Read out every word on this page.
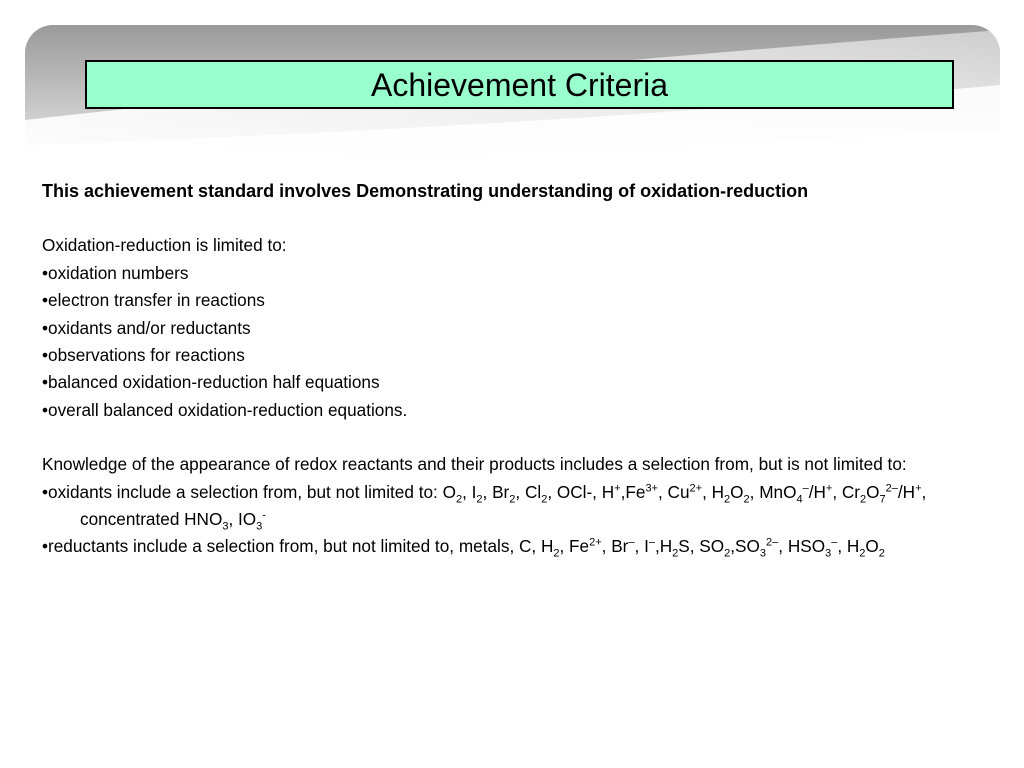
Achievement Criteria

This achievement standard involves Demonstrating understanding of oxidation-reduction

Oxidation-reduction is limited to:

•oxidation numbers

•electron transfer in reactions

•oxidants and/or reductants

•observations for reactions

•balanced oxidation-reduction half equations

•overall balanced oxidation-reduction equations.

Knowledge of the appearance of redox reactants and their products includes a selection from, but is not limited to:

•oxidants include a selection from, but not limited to: $O_2$, $I_2$, $Br_2$, $Cl_2$, OCl-, $H^+,Fe^{3+}$, $Cu^{2+}$, $H_2O_2$, MnO$_4$–/H+, $Cr_2O_7^{2-}/H^+$, concentrated $HNO_3$, $IO_3^-$

•reductants include a selection from, but not limited to, metals, C, $H_2$, $Fe^{2+}$, Br–, $I^-,H_2S$, $SO_2,SO_3^{2-}$, $HSO_3^-$, $H_2O_2$
